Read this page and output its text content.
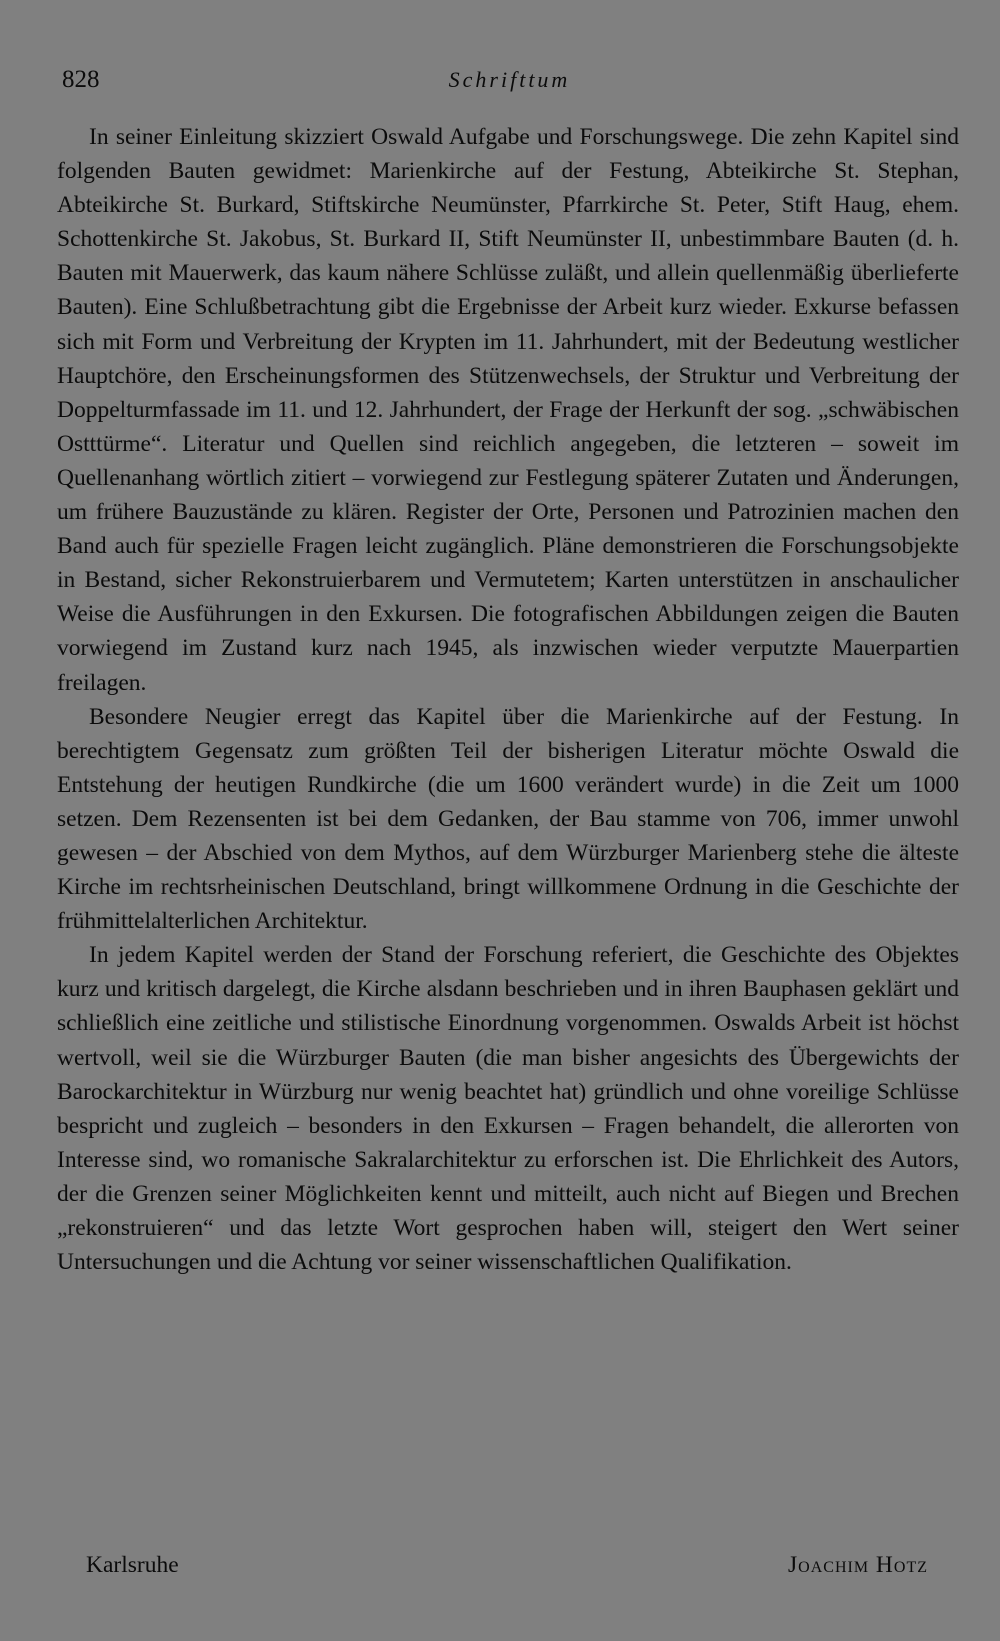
828	Schrifttum

In seiner Einleitung skizziert Oswald Aufgabe und Forschungswege. Die zehn Kapitel sind folgenden Bauten gewidmet: Marienkirche auf der Festung, Abteikirche St. Stephan, Abteikirche St. Burkard, Stiftskirche Neumünster, Pfarrkirche St. Peter, Stift Haug, ehem. Schottenkirche St. Jakobus, St. Burkard II, Stift Neumünster II, unbestimmbare Bauten (d. h. Bauten mit Mauerwerk, das kaum nähere Schlüsse zuläßt, und allein quellenmäßig überlieferte Bauten). Eine Schlußbetrachtung gibt die Ergebnisse der Arbeit kurz wieder. Exkurse befassen sich mit Form und Verbreitung der Krypten im 11. Jahrhundert, mit der Bedeutung westlicher Hauptchöre, den Erscheinungsformen des Stützenwechsels, der Struktur und Verbreitung der Doppelturmfassade im 11. und 12. Jahrhundert, der Frage der Herkunft der sog. „schwäbischen Ostttürme“. Literatur und Quellen sind reichlich angegeben, die letzteren – soweit im Quellenanhang wörtlich zitiert – vorwiegend zur Festlegung späterer Zutaten und Änderungen, um frühere Bauzustände zu klären. Register der Orte, Personen und Patrozinien machen den Band auch für spezielle Fragen leicht zugänglich. Pläne demonstrieren die Forschungsobjekte in Bestand, sicher Rekonstruierbarem und Vermutetem; Karten unterstützen in anschaulicher Weise die Ausführungen in den Exkursen. Die fotografischen Abbildungen zeigen die Bauten vorwiegend im Zustand kurz nach 1945, als inzwischen wieder verputzte Mauerpartien freilagen.

Besondere Neugier erregt das Kapitel über die Marienkirche auf der Festung. In berechtigtem Gegensatz zum größten Teil der bisherigen Literatur möchte Oswald die Entstehung der heutigen Rundkirche (die um 1600 verändert wurde) in die Zeit um 1000 setzen. Dem Rezensenten ist bei dem Gedanken, der Bau stamme von 706, immer unwohl gewesen – der Abschied von dem Mythos, auf dem Würzburger Marienberg stehe die älteste Kirche im rechtsrheinischen Deutschland, bringt willkommene Ordnung in die Geschichte der frühmittelalterlichen Architektur.

In jedem Kapitel werden der Stand der Forschung referiert, die Geschichte des Objektes kurz und kritisch dargelegt, die Kirche alsdann beschrieben und in ihren Bauphasen geklärt und schließlich eine zeitliche und stilistische Einordnung vorgenommen. Oswalds Arbeit ist höchst wertvoll, weil sie die Würzburger Bauten (die man bisher angesichts des Übergewichts der Barockarchitektur in Würzburg nur wenig beachtet hat) gründlich und ohne voreilige Schlüsse bespricht und zugleich – besonders in den Exkursen – Fragen behandelt, die allerorten von Interesse sind, wo romanische Sakralarchitektur zu erforschen ist. Die Ehrlichkeit des Autors, der die Grenzen seiner Möglichkeiten kennt und mitteilt, auch nicht auf Biegen und Brechen „rekonstruieren“ und das letzte Wort gesprochen haben will, steigert den Wert seiner Untersuchungen und die Achtung vor seiner wissenschaftlichen Qualifikation.

Karlsruhe	Joachim Hotz
